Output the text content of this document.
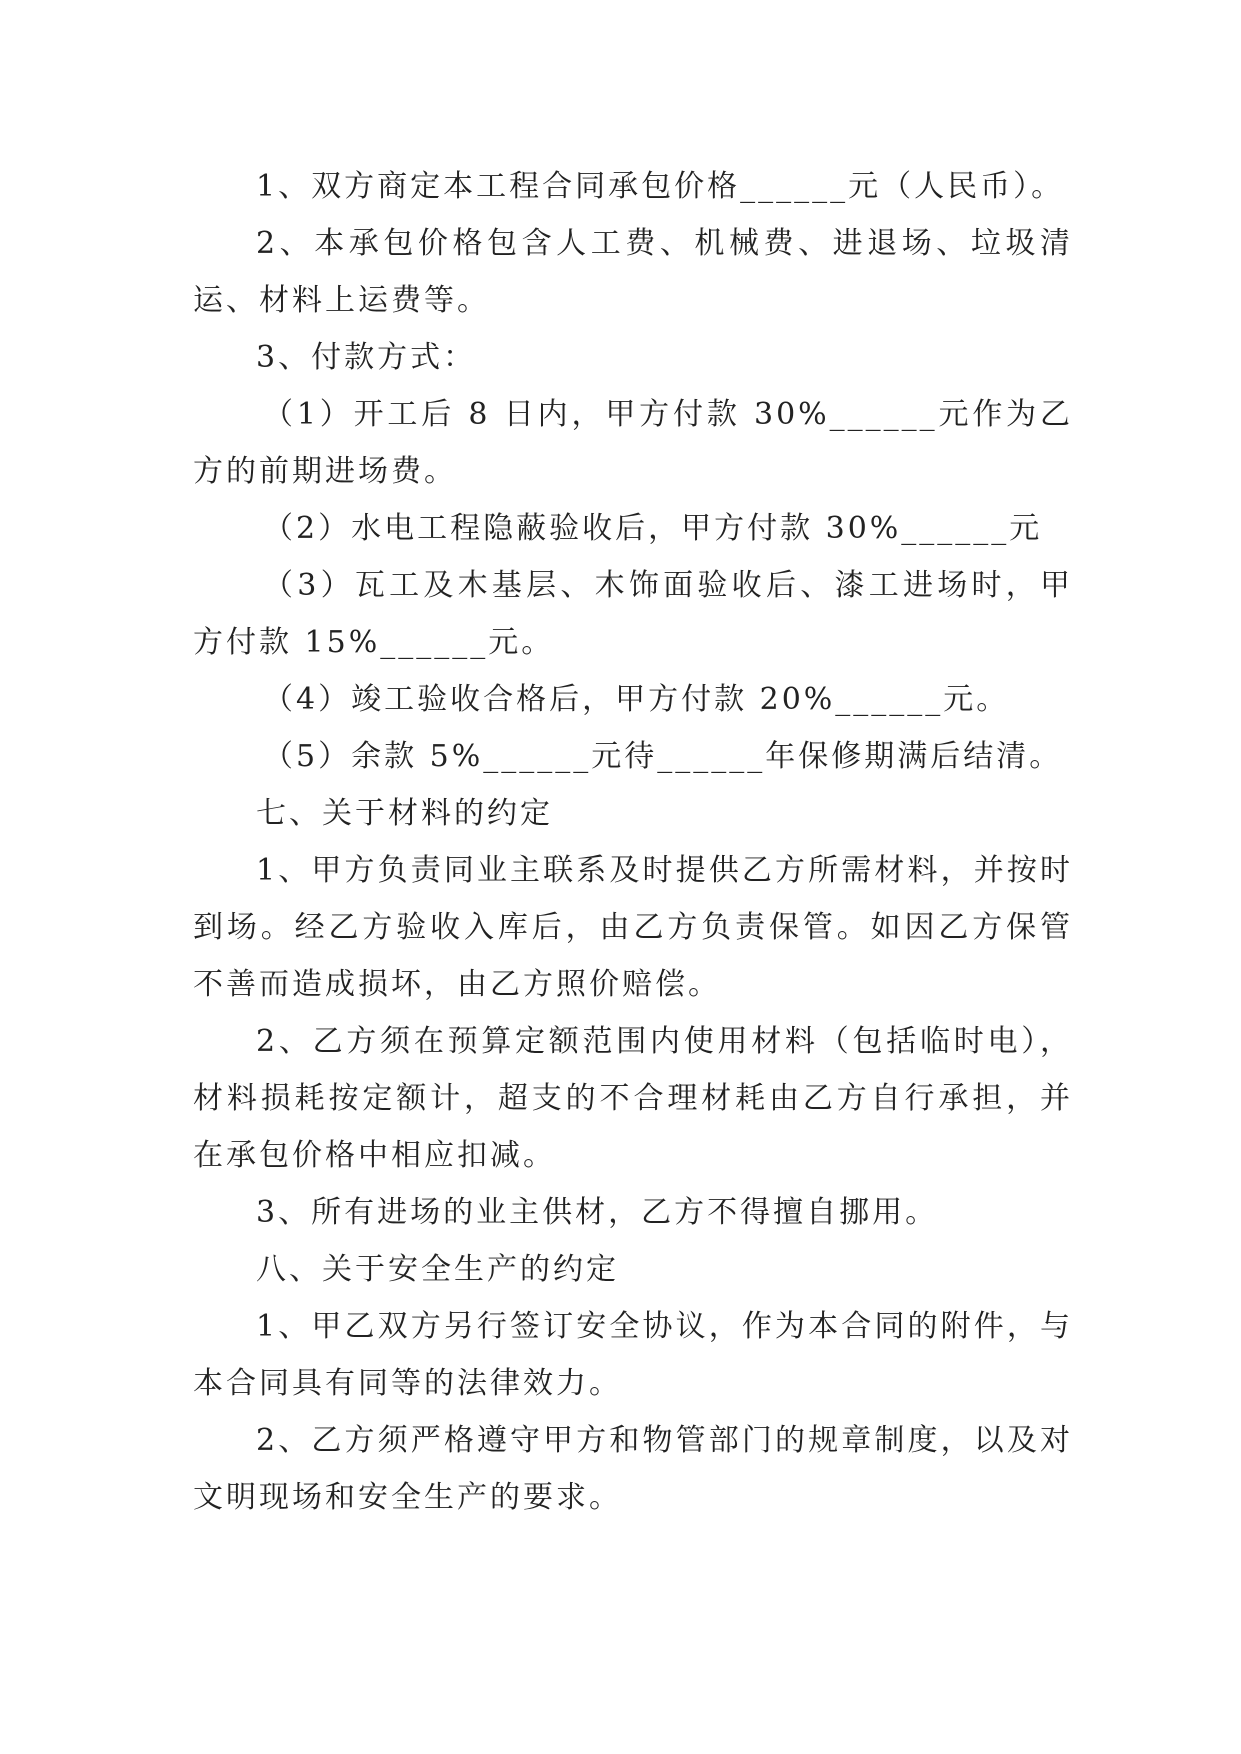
1、双方商定本工程合同承包价格______元（人民币）。

2、本承包价格包含人工费、机械费、进退场、垃圾清运、材料上运费等。

3、付款方式：

（1）开工后 8 日内，甲方付款 30%______元作为乙方的前期进场费。

（2）水电工程隐蔽验收后，甲方付款 30%______元

（3）瓦工及木基层、木饰面验收后、漆工进场时，甲方付款 15%______元。

（4）竣工验收合格后，甲方付款 20%______元。

（5）余款 5%______元待______年保修期满后结清。

七、关于材料的约定

1、甲方负责同业主联系及时提供乙方所需材料，并按时到场。经乙方验收入库后，由乙方负责保管。如因乙方保管不善而造成损坏，由乙方照价赔偿。

2、乙方须在预算定额范围内使用材料（包括临时电），材料损耗按定额计，超支的不合理材耗由乙方自行承担，并在承包价格中相应扣减。

3、所有进场的业主供材，乙方不得擅自挪用。

八、关于安全生产的约定

1、甲乙双方另行签订安全协议，作为本合同的附件，与本合同具有同等的法律效力。

2、乙方须严格遵守甲方和物管部门的规章制度，以及对文明现场和安全生产的要求。
